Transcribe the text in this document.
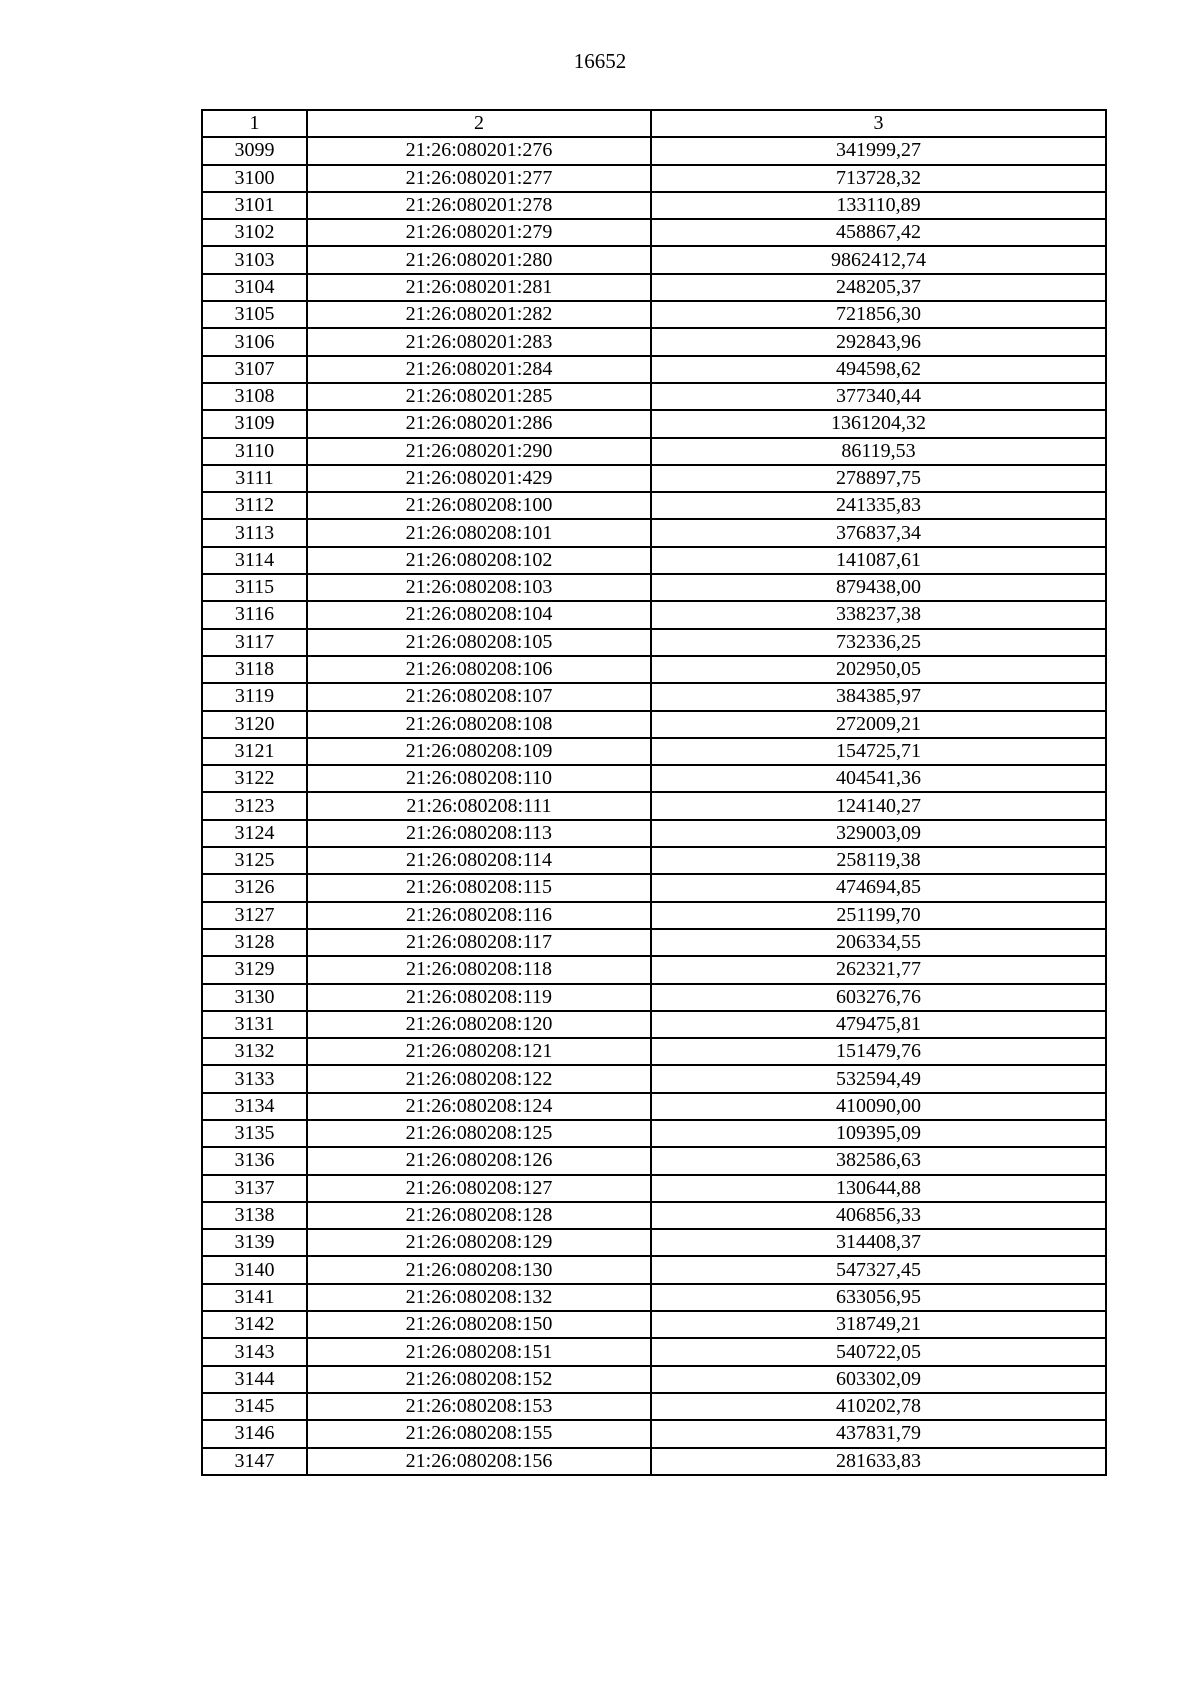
16652
1	2	3
3099	21:26:080201:276	341999,27
3100	21:26:080201:277	713728,32
3101	21:26:080201:278	133110,89
3102	21:26:080201:279	458867,42
3103	21:26:080201:280	9862412,74
3104	21:26:080201:281	248205,37
3105	21:26:080201:282	721856,30
3106	21:26:080201:283	292843,96
3107	21:26:080201:284	494598,62
3108	21:26:080201:285	377340,44
3109	21:26:080201:286	1361204,32
3110	21:26:080201:290	86119,53
3111	21:26:080201:429	278897,75
3112	21:26:080208:100	241335,83
3113	21:26:080208:101	376837,34
3114	21:26:080208:102	141087,61
3115	21:26:080208:103	879438,00
3116	21:26:080208:104	338237,38
3117	21:26:080208:105	732336,25
3118	21:26:080208:106	202950,05
3119	21:26:080208:107	384385,97
3120	21:26:080208:108	272009,21
3121	21:26:080208:109	154725,71
3122	21:26:080208:110	404541,36
3123	21:26:080208:111	124140,27
3124	21:26:080208:113	329003,09
3125	21:26:080208:114	258119,38
3126	21:26:080208:115	474694,85
3127	21:26:080208:116	251199,70
3128	21:26:080208:117	206334,55
3129	21:26:080208:118	262321,77
3130	21:26:080208:119	603276,76
3131	21:26:080208:120	479475,81
3132	21:26:080208:121	151479,76
3133	21:26:080208:122	532594,49
3134	21:26:080208:124	410090,00
3135	21:26:080208:125	109395,09
3136	21:26:080208:126	382586,63
3137	21:26:080208:127	130644,88
3138	21:26:080208:128	406856,33
3139	21:26:080208:129	314408,37
3140	21:26:080208:130	547327,45
3141	21:26:080208:132	633056,95
3142	21:26:080208:150	318749,21
3143	21:26:080208:151	540722,05
3144	21:26:080208:152	603302,09
3145	21:26:080208:153	410202,78
3146	21:26:080208:155	437831,79
3147	21:26:080208:156	281633,83
